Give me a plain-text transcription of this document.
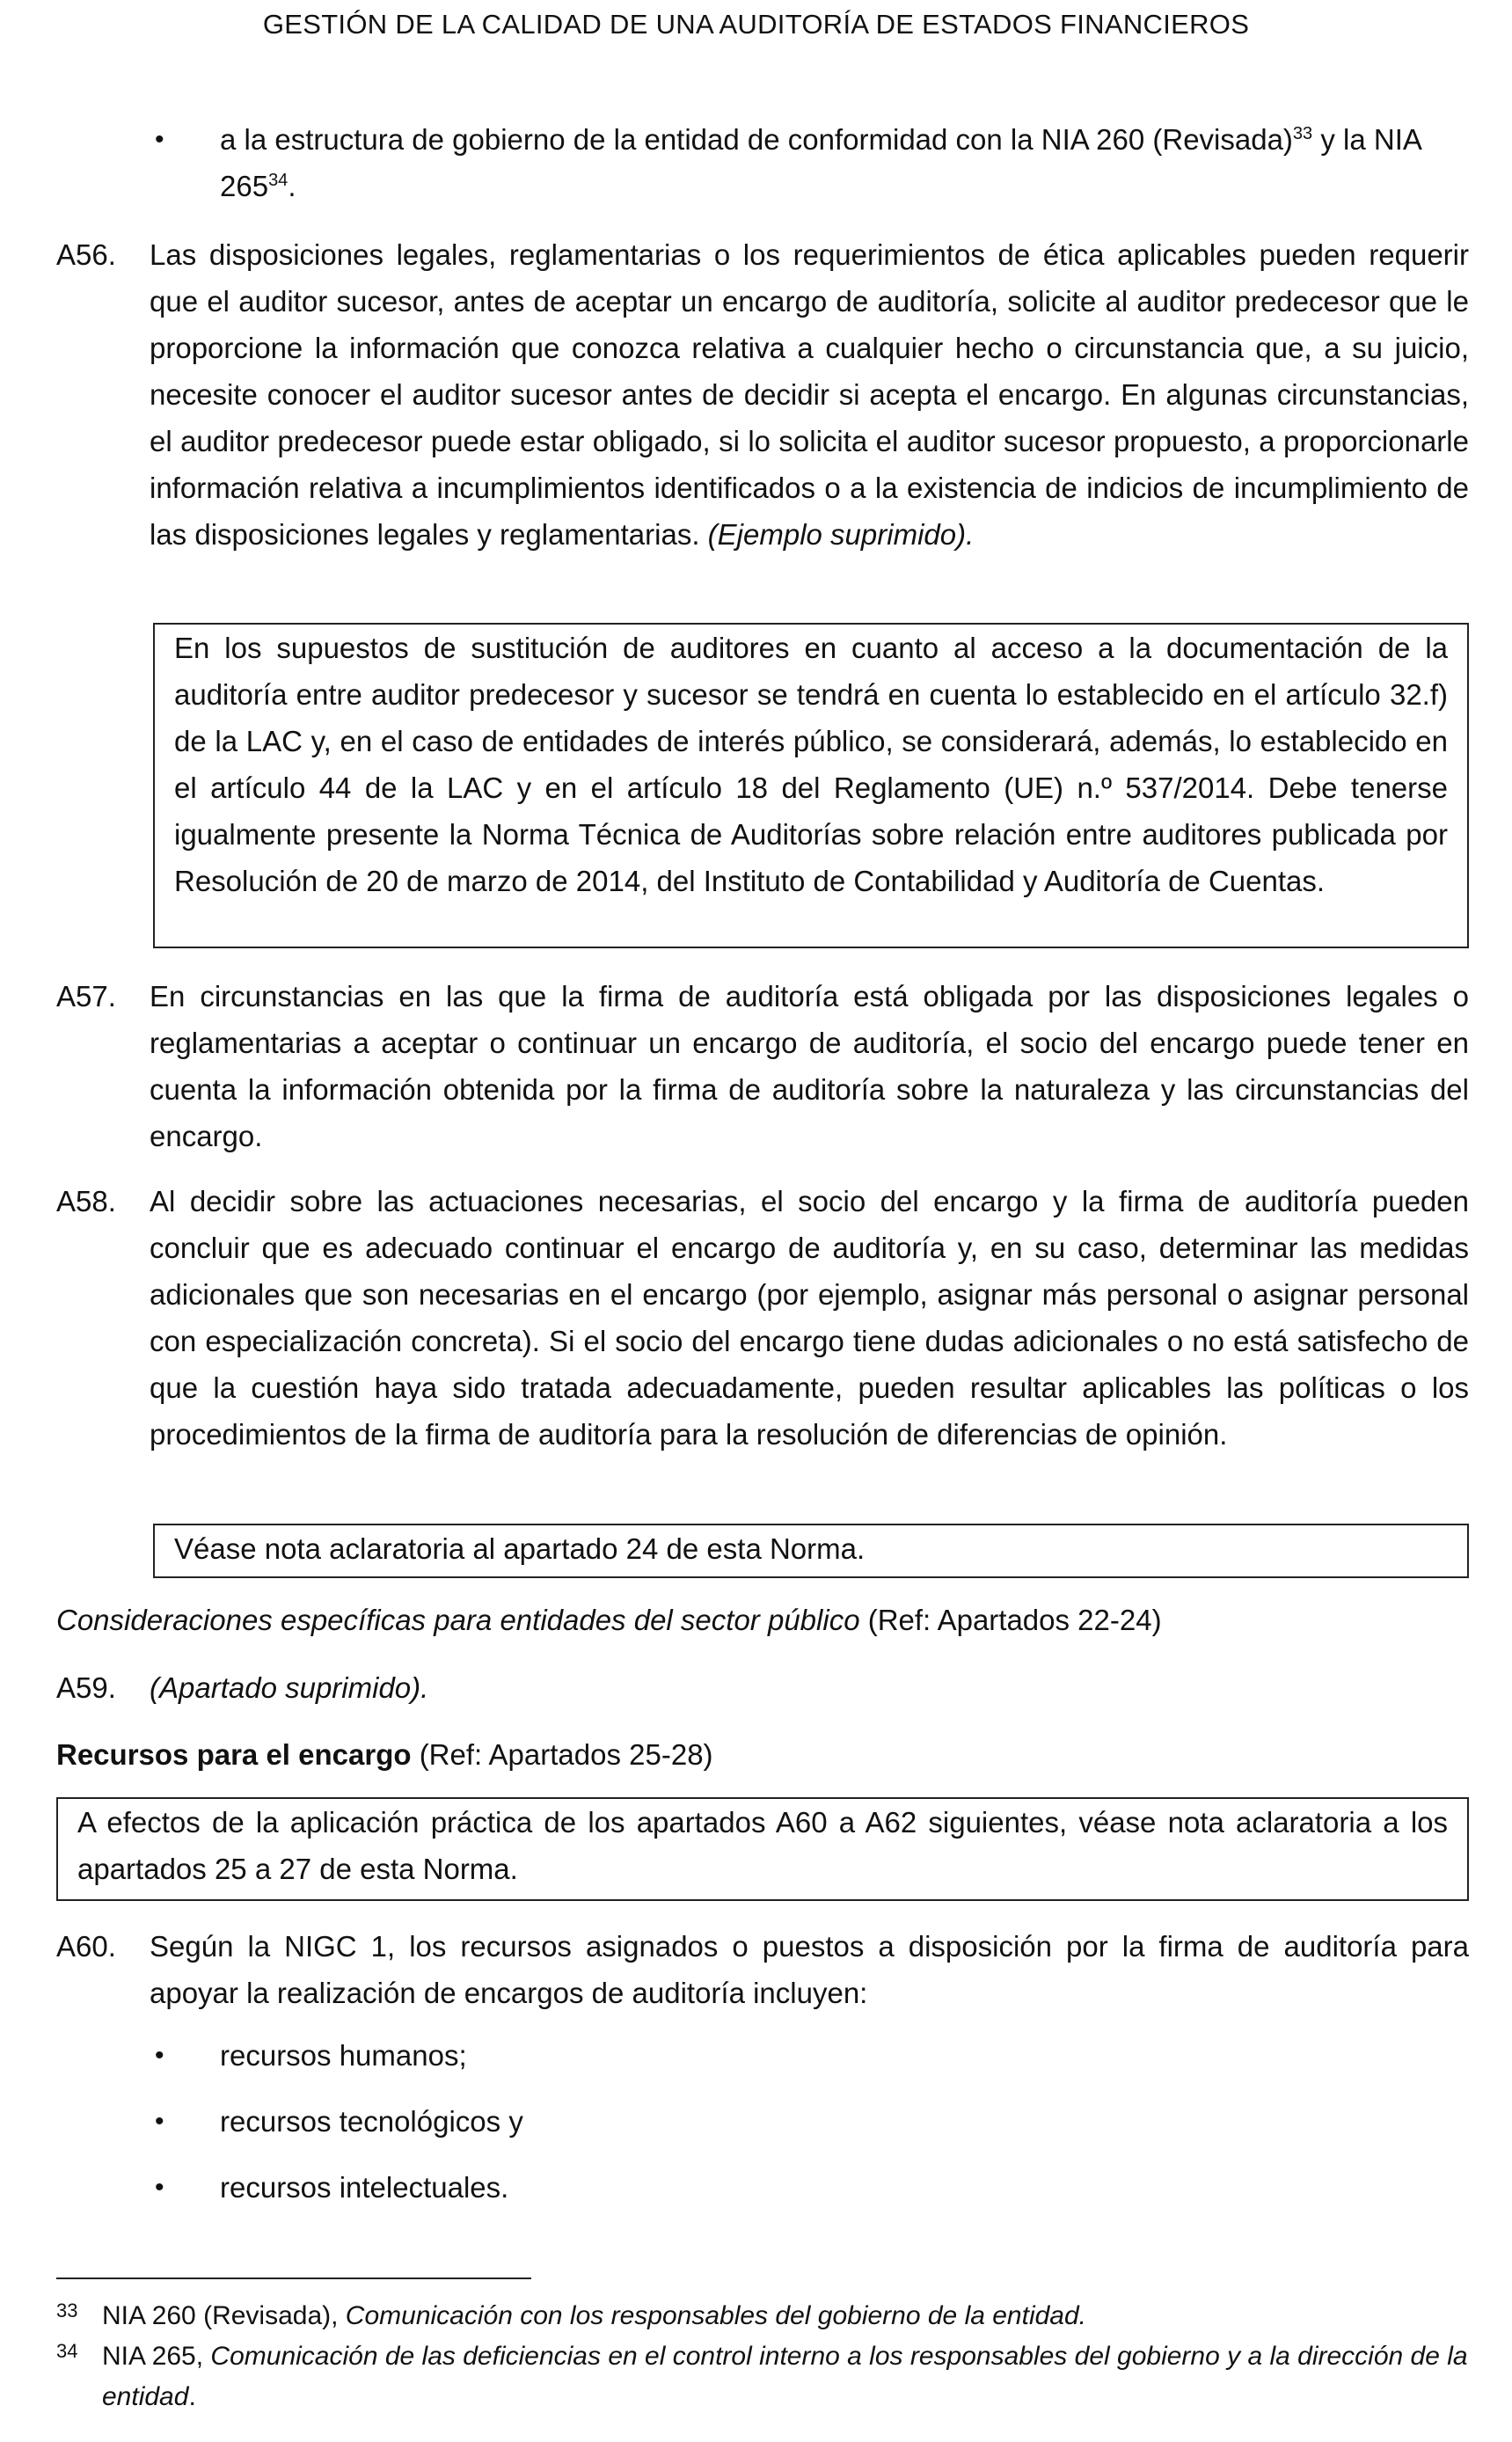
GESTIÓN DE LA CALIDAD DE UNA AUDITORÍA DE ESTADOS FINANCIEROS
• a la estructura de gobierno de la entidad de conformidad con la NIA 260 (Revisada)$^{33}$ y la NIA $265^{34}$.
A56.	Las disposiciones legales, reglamentarias o los requerimientos de ética aplicables pueden requerir que el auditor sucesor, antes de aceptar un encargo de auditoría, solicite al auditor predecesor que le proporcione la información que conozca relativa a cualquier hecho o circunstancia que, a su juicio, necesite conocer el auditor sucesor antes de decidir si acepta el encargo. En algunas circunstancias, el auditor predecesor puede estar obligado, si lo solicita el auditor sucesor propuesto, a proporcionarle información relativa a incumplimientos identificados o a la existencia de indicios de incumplimiento de las disposiciones legales y reglamentarias. (Ejemplo suprimido).
En los supuestos de sustitución de auditores en cuanto al acceso a la documentación de la auditoría entre auditor predecesor y sucesor se tendrá en cuenta lo establecido en el artículo 32.f) de la LAC y, en el caso de entidades de interés público, se considerará, además, lo establecido en el artículo 44 de la LAC y en el artículo 18 del Reglamento (UE) n.º 537/2014. Debe tenerse igualmente presente la Norma Técnica de Auditorías sobre relación entre auditores publicada por Resolución de 20 de marzo de 2014, del Instituto de Contabilidad y Auditoría de Cuentas.
A57.	En circunstancias en las que la firma de auditoría está obligada por las disposiciones legales o reglamentarias a aceptar o continuar un encargo de auditoría, el socio del encargo puede tener en cuenta la información obtenida por la firma de auditoría sobre la naturaleza y las circunstancias del encargo.
A58.	Al decidir sobre las actuaciones necesarias, el socio del encargo y la firma de auditoría pueden concluir que es adecuado continuar el encargo de auditoría y, en su caso, determinar las medidas adicionales que son necesarias en el encargo (por ejemplo, asignar más personal o asignar personal con especialización concreta). Si el socio del encargo tiene dudas adicionales o no está satisfecho de que la cuestión haya sido tratada adecuadamente, pueden resultar aplicables las políticas o los procedimientos de la firma de auditoría para la resolución de diferencias de opinión.
Véase nota aclaratoria al apartado 24 de esta Norma.
Consideraciones específicas para entidades del sector público (Ref: Apartados 22-24)
A59.	(Apartado suprimido).
Recursos para el encargo (Ref: Apartados 25-28)
A efectos de la aplicación práctica de los apartados A60 a A62 siguientes, véase nota aclaratoria a los apartados 25 a 27 de esta Norma.
A60.	Según la NIGC 1, los recursos asignados o puestos a disposición por la firma de auditoría para apoyar la realización de encargos de auditoría incluyen:
• recursos humanos;
• recursos tecnológicos y
• recursos intelectuales.
33 NIA 260 (Revisada), Comunicación con los responsables del gobierno de la entidad.
34 NIA 265, Comunicación de las deficiencias en el control interno a los responsables del gobierno y a la dirección de la entidad.
